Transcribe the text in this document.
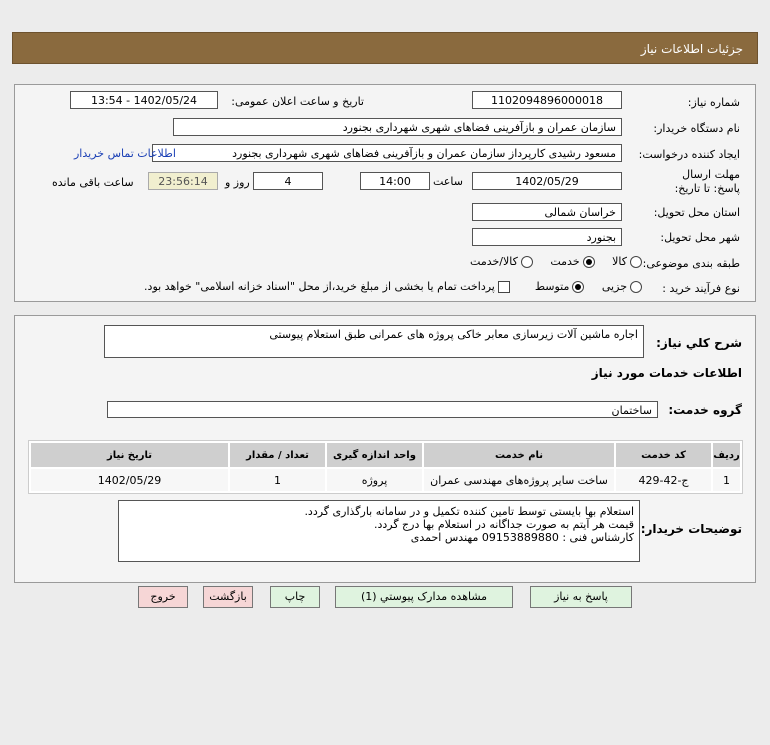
جزئیات اطلاعات نیاز
شماره نیاز:
1102094896000018
تاریخ و ساعت اعلان عمومی:
1402/05/24 - 13:54
نام دستگاه خریدار:
سازمان عمران و بازآفرینی فضاهای شهری شهرداری بجنورد
ایجاد کننده درخواست:
مسعود رشیدی کارپرداز سازمان عمران و بازآفرینی فضاهای شهری شهرداری بجنورد
اطلاعات تماس خریدار
مهلت ارسال پاسخ: تا تاریخ:
1402/05/29
ساعت
14:00
4
روز و
23:56:14
ساعت باقی مانده
استان محل تحویل:
خراسان شمالی
شهر محل تحویل:
بجنورد
طبقه بندی موضوعی:
کالا     خدمت     کالا/خدمت
نوع فرآیند خرید :
جزیی     متوسط        پرداخت تمام یا بخشی از مبلغ خرید،از محل "اسناد خزانه اسلامی" خواهد بود.
شرح کلي نياز:
اجاره ماشین آلات زیرسازی معابر خاکی پروژه های عمرانی طبق استعلام پیوستی
اطلاعات خدمات مورد نیاز
گروه خدمت:
ساختمان
ردیف	کد خدمت	نام خدمت	واحد اندازه گیری	تعداد / مقدار	تاریخ نیاز
1	ج-42-429	ساخت سایر پروژه‌های مهندسی عمران	پروژه	1	1402/05/29
توضیحات خریدار:
استعلام بها بایستی توسط تامین کننده تکمیل و در سامانه بارگذاری گردد.
قیمت هر آیتم به صورت جداگانه در استعلام بها درج گردد.
کارشناس فنی : 09153889880 مهندس احمدی
پاسخ به نیاز
مشاهده مدارک پیوستي (1)
چاپ
بازگشت
خروج
